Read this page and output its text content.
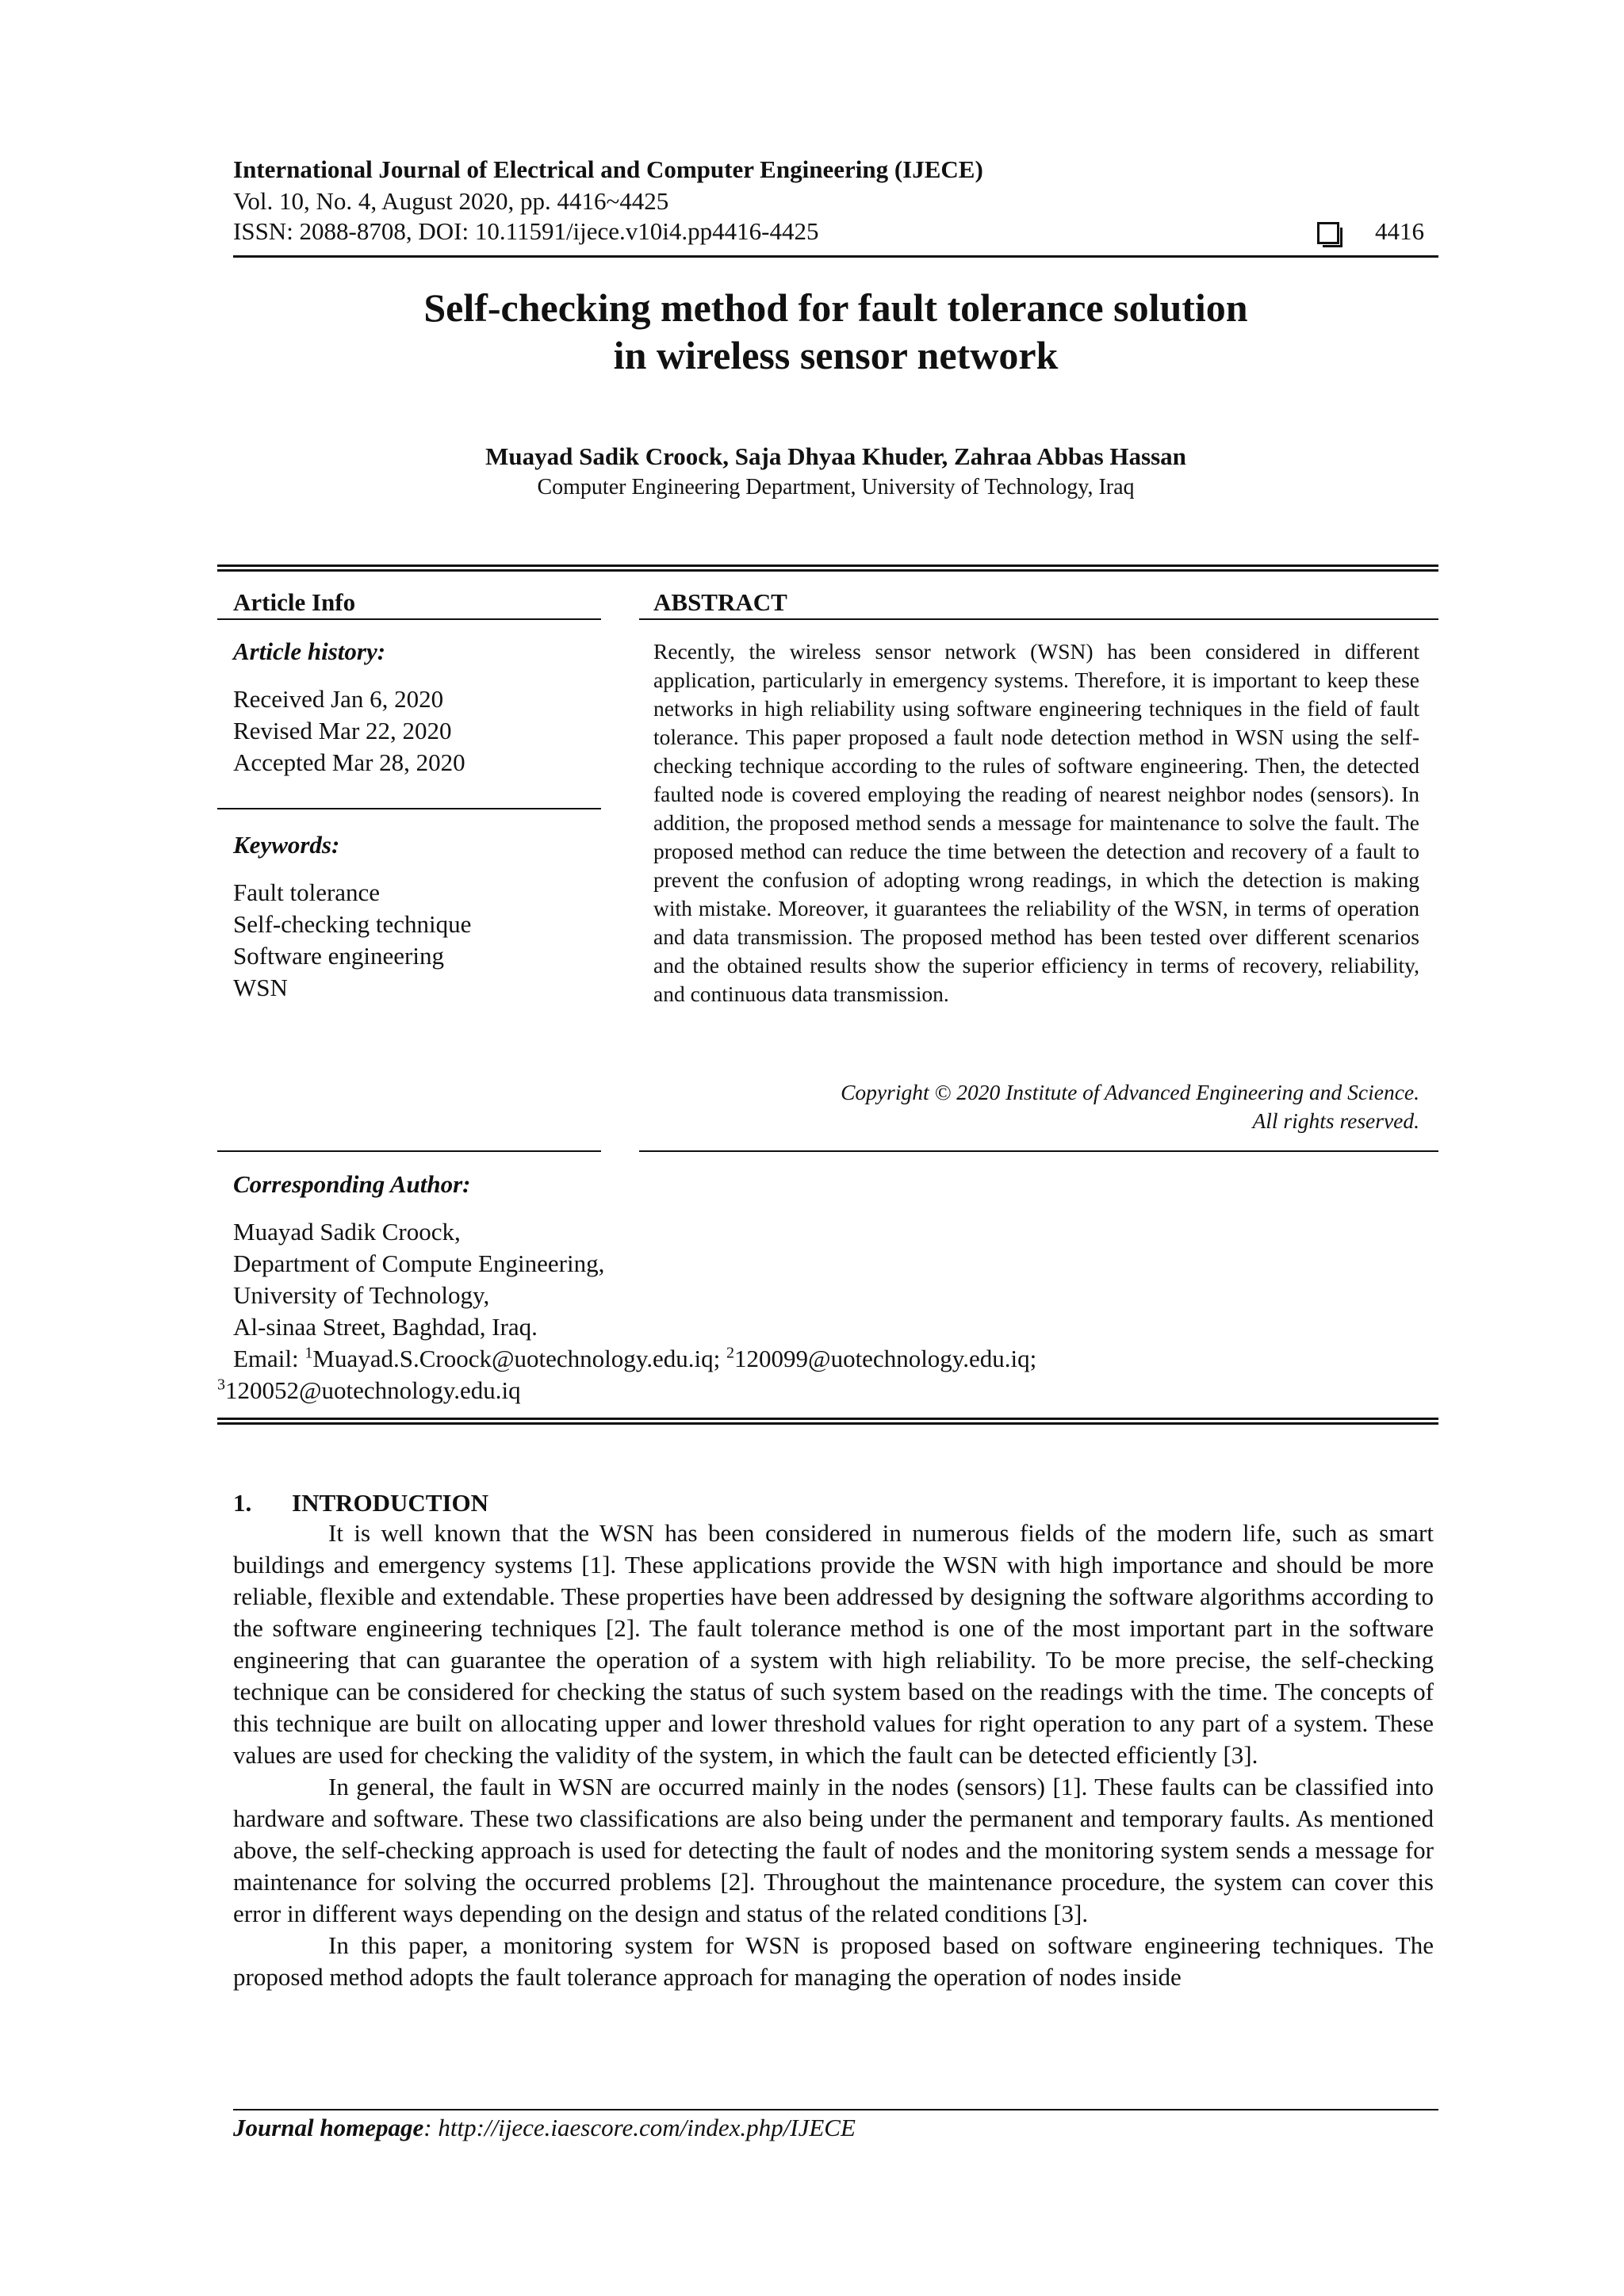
International Journal of Electrical and Computer Engineering (IJECE)
Vol. 10, No. 4, August 2020, pp. 4416~4425
ISSN: 2088-8708, DOI: 10.11591/ijece.v10i4.pp4416-4425	4416
Self-checking method for fault tolerance solution
in wireless sensor network
Muayad Sadik Croock, Saja Dhyaa Khuder, Zahraa Abbas Hassan
Computer Engineering Department, University of Technology, Iraq
Article Info	ABSTRACT
Article history:
Received Jan 6, 2020
Revised Mar 22, 2020
Accepted Mar 28, 2020
Keywords:
Fault tolerance
Self-checking technique
Software engineering
WSN
Recently, the wireless sensor network (WSN) has been considered in different application, particularly in emergency systems. Therefore, it is important to keep these networks in high reliability using software engineering techniques in the field of fault tolerance. This paper proposed a fault node detection method in WSN using the self-checking technique according to the rules of software engineering. Then, the detected faulted node is covered employing the reading of nearest neighbor nodes (sensors). In addition, the proposed method sends a message for maintenance to solve the fault. The proposed method can reduce the time between the detection and recovery of a fault to prevent the confusion of adopting wrong readings, in which the detection is making with mistake. Moreover, it guarantees the reliability of the WSN, in terms of operation and data transmission. The proposed method has been tested over different scenarios and the obtained results show the superior efficiency in terms of recovery, reliability, and continuous data transmission.
Copyright © 2020 Institute of Advanced Engineering and Science.
All rights reserved.
Corresponding Author:
Muayad Sadik Croock,
Department of Compute Engineering,
University of Technology,
Al-sinaa Street, Baghdad, Iraq.
Email: $^1$Muayad.S.Croock@uotechnology.edu.iq; $^2$120099@uotechnology.edu.iq;
$^3$120052@uotechnology.edu.iq
1. INTRODUCTION

It is well known that the WSN has been considered in numerous fields of the modern life, such as smart buildings and emergency systems [1]. These applications provide the WSN with high importance and should be more reliable, flexible and extendable. These properties have been addressed by designing the software algorithms according to the software engineering techniques [2]. The fault tolerance method is one of the most important part in the software engineering that can guarantee the operation of a system with high reliability. To be more precise, the self-checking technique can be considered for checking the status of such system based on the readings with the time. The concepts of this technique are built on allocating upper and lower threshold values for right operation to any part of a system. These values are used for checking the validity of the system, in which the fault can be detected efficiently [3].

In general, the fault in WSN are occurred mainly in the nodes (sensors) [1]. These faults can be classified into hardware and software. These two classifications are also being under the permanent and temporary faults. As mentioned above, the self-checking approach is used for detecting the fault of nodes and the monitoring system sends a message for maintenance for solving the occurred problems [2]. Throughout the maintenance procedure, the system can cover this error in different ways depending on the design and status of the related conditions [3].

In this paper, a monitoring system for WSN is proposed based on software engineering techniques. The proposed method adopts the fault tolerance approach for managing the operation of nodes inside

Journal homepage: http://ijece.iaescore.com/index.php/IJECE
